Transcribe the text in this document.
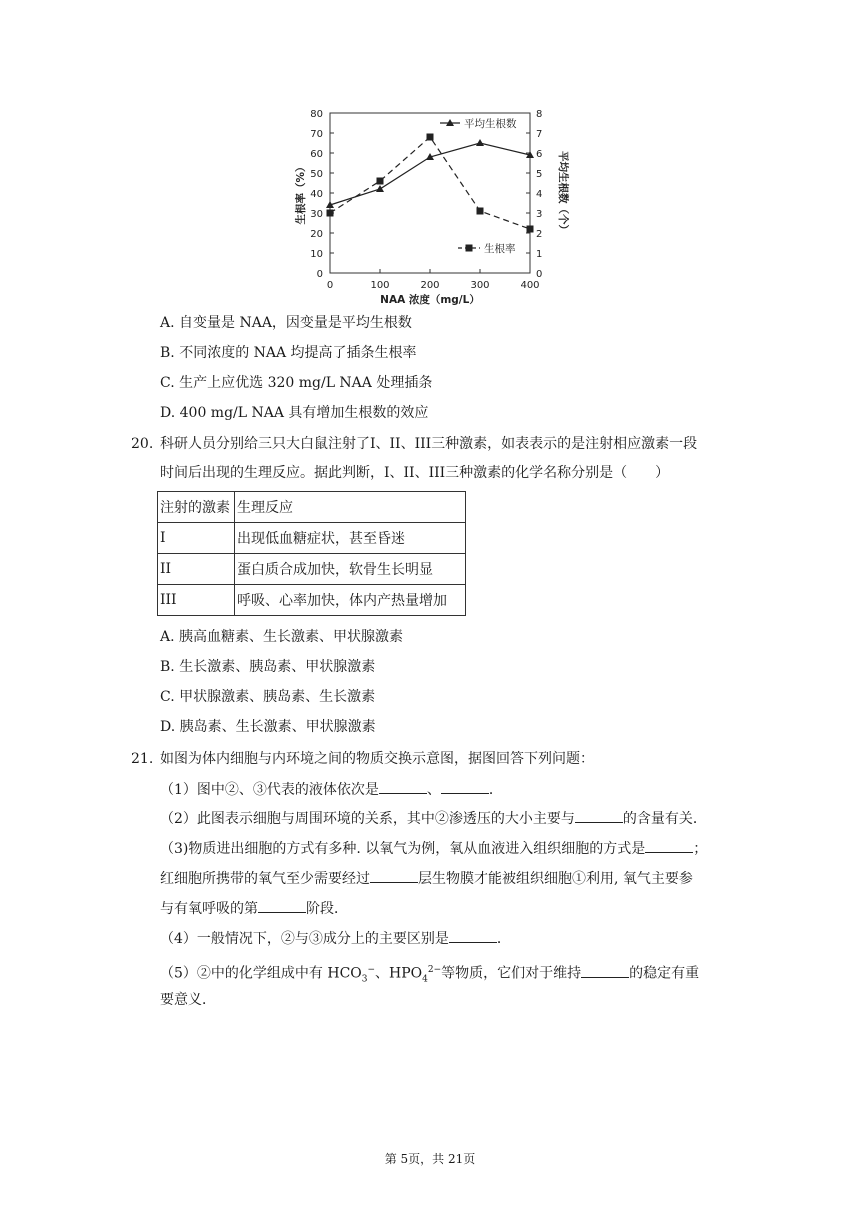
0
10
20
30
40
50
60
70
80
0
1
2
3
4
5
6
7
8
0	100	200	300	400
NAA 浓度（mg/L）
生根率（%）	平均生根数（个）
平均生根数
生根率
A. 自变量是 NAA，因变量是平均生根数
B. 不同浓度的 NAA 均提高了插条生根率
C. 生产上应优选 320 mg/L NAA 处理插条
D. 400 mg/L NAA 具有增加生根数的效应
20. 科研人员分别给三只大白鼠注射了I、II、III三种激素，如表表示的是注射相应激素一段
时间后出现的生理反应。据此判断，I、II、III三种激素的化学名称分别是（　　）
注射的激素	生理反应
I	出现低血糖症状，甚至昏迷
II	蛋白质合成加快，软骨生长明显
III	呼吸、心率加快，体内产热量增加
A. 胰高血糖素、生长激素、甲状腺激素
B. 生长激素、胰岛素、甲状腺激素
C. 甲状腺激素、胰岛素、生长激素
D. 胰岛素、生长激素、甲状腺激素
21. 如图为体内细胞与内环境之间的物质交换示意图，据图回答下列问题：
（1）图中②、③代表的液体依次是	、	．
（2）此图表示细胞与周围环境的关系，其中②渗透压的大小主要与	的含量有关．
（3)物质进出细胞的方式有多种. 以氧气为例，氧从血液进入组织细胞的方式是	；
红细胞所携带的氧气至少需要经过	层生物膜才能被组织细胞①利用, 氧气主要参
与有氧呼吸的第	阶段．
（4）一般情况下，②与③成分上的主要区别是	．
（5）②中的化学组成中有 $HCO_3^-$、$HPO_4^{2-}$等物质，它们对于维持	的稳定有重
要意义．
第 5页，共 21页
